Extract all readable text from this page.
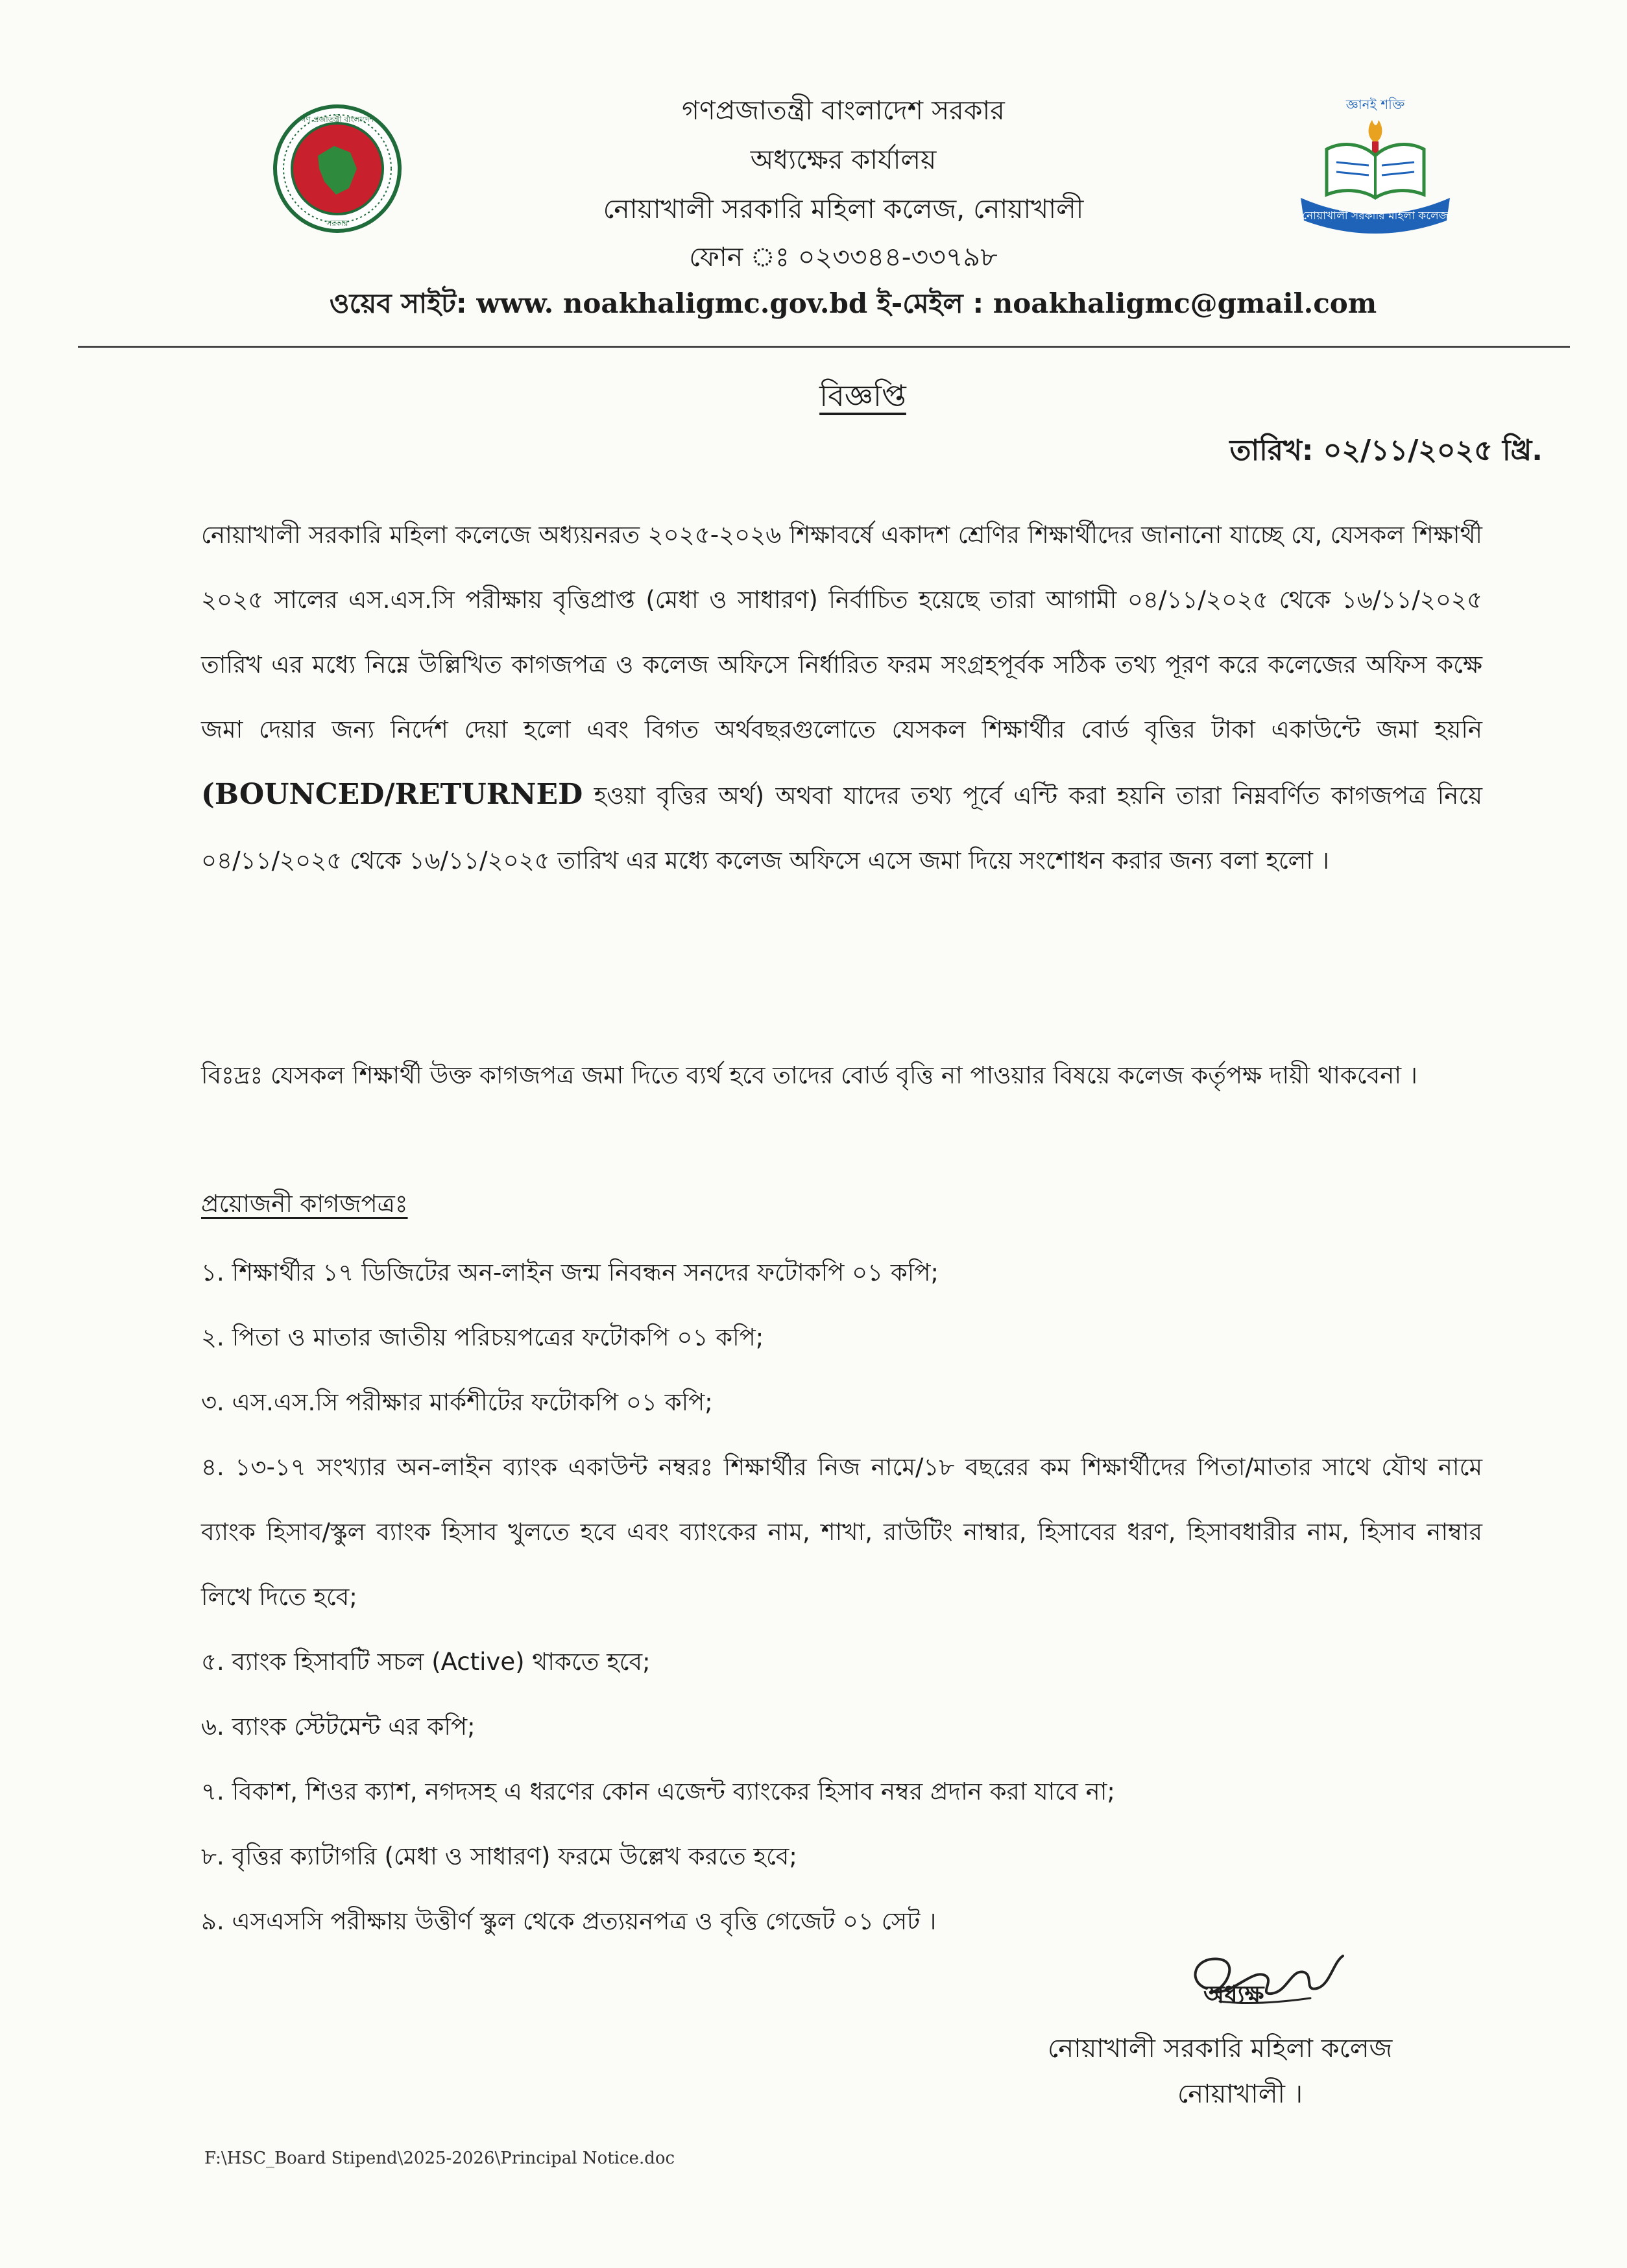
গণ প্রজাতন্ত্রী বাংলাদেশ
সরকার
জ্ঞানই শক্তি
নোয়াখালী সরকারি মহিলা কলেজ
গণপ্রজাতন্ত্রী বাংলাদেশ সরকার
অধ্যক্ষের কার্যালয়
নোয়াখালী সরকারি মহিলা কলেজ, নোয়াখালী
ফোন ঃ ০২৩৩৪৪-৩৩৭৯৮
ওয়েব সাইট: www. noakhaligmc.gov.bd ই-মেইল : noakhaligmc@gmail.com
বিজ্ঞপ্তি
তারিখ: ০২/১১/২০২৫ খ্রি.
নোয়াখালী সরকারি মহিলা কলেজে অধ্যয়নরত ২০২৫-২০২৬ শিক্ষাবর্ষে একাদশ শ্রেণির শিক্ষার্থীদের জানানো যাচ্ছে যে, যেসকল শিক্ষার্থী ২০২৫ সালের এস.এস.সি পরীক্ষায় বৃত্তিপ্রাপ্ত (মেধা ও সাধারণ) নির্বাচিত হয়েছে তারা আগামী ০৪/১১/২০২৫ থেকে ১৬/১১/২০২৫ তারিখ এর মধ্যে নিম্নে উল্লিখিত কাগজপত্র ও কলেজ অফিসে নির্ধারিত ফরম সংগ্রহপূর্বক সঠিক তথ্য পূরণ করে কলেজের অফিস কক্ষে জমা দেয়ার জন্য নির্দেশ দেয়া হলো এবং বিগত অর্থবছরগুলোতে যেসকল শিক্ষার্থীর বোর্ড বৃত্তির টাকা একাউন্টে জমা হয়নি (BOUNCED/RETURNED হওয়া বৃত্তির অর্থ) অথবা যাদের তথ্য পূর্বে এন্টি করা হয়নি তারা নিম্নবর্ণিত কাগজপত্র নিয়ে ০৪/১১/২০২৫ থেকে ১৬/১১/২০২৫ তারিখ এর মধ্যে কলেজ অফিসে এসে জমা দিয়ে সংশোধন করার জন্য বলা হলো ।
বিঃদ্রঃ যেসকল শিক্ষার্থী উক্ত কাগজপত্র জমা দিতে ব্যর্থ হবে তাদের বোর্ড বৃত্তি না পাওয়ার বিষয়ে কলেজ কর্তৃপক্ষ দায়ী থাকবেনা ।
প্রয়োজনী কাগজপত্রঃ
১. শিক্ষার্থীর ১৭ ডিজিটের অন-লাইন জন্ম নিবন্ধন সনদের ফটোকপি ০১ কপি;
২. পিতা ও মাতার জাতীয় পরিচয়পত্রের ফটোকপি ০১ কপি;
৩. এস.এস.সি পরীক্ষার মার্কশীটের ফটোকপি ০১ কপি;
৪. ১৩-১৭ সংখ্যার অন-লাইন ব্যাংক একাউন্ট নম্বরঃ শিক্ষার্থীর নিজ নামে/১৮ বছরের কম শিক্ষার্থীদের পিতা/মাতার সাথে যৌথ নামে ব্যাংক হিসাব/স্কুল ব্যাংক হিসাব খুলতে হবে এবং ব্যাংকের নাম, শাখা, রাউটিং নাম্বার, হিসাবের ধরণ, হিসাবধারীর নাম, হিসাব নাম্বার লিখে দিতে হবে;
৫. ব্যাংক হিসাবটি সচল (Active) থাকতে হবে;
৬. ব্যাংক স্টেটমেন্ট এর কপি;
৭. বিকাশ, শিওর ক্যাশ, নগদসহ এ ধরণের কোন এজেন্ট ব্যাংকের হিসাব নম্বর প্রদান করা যাবে না;
৮. বৃত্তির ক্যাটাগরি (মেধা ও সাধারণ) ফরমে উল্লেখ করতে হবে;
৯. এসএসসি পরীক্ষায় উত্তীর্ণ স্কুল থেকে প্রত্যয়নপত্র ও বৃত্তি গেজেট ০১ সেট ।
অধ্যক্ষ
নোয়াখালী সরকারি মহিলা কলেজ
নোয়াখালী ।
F:\HSC_Board Stipend\2025-2026\Principal Notice.doc
